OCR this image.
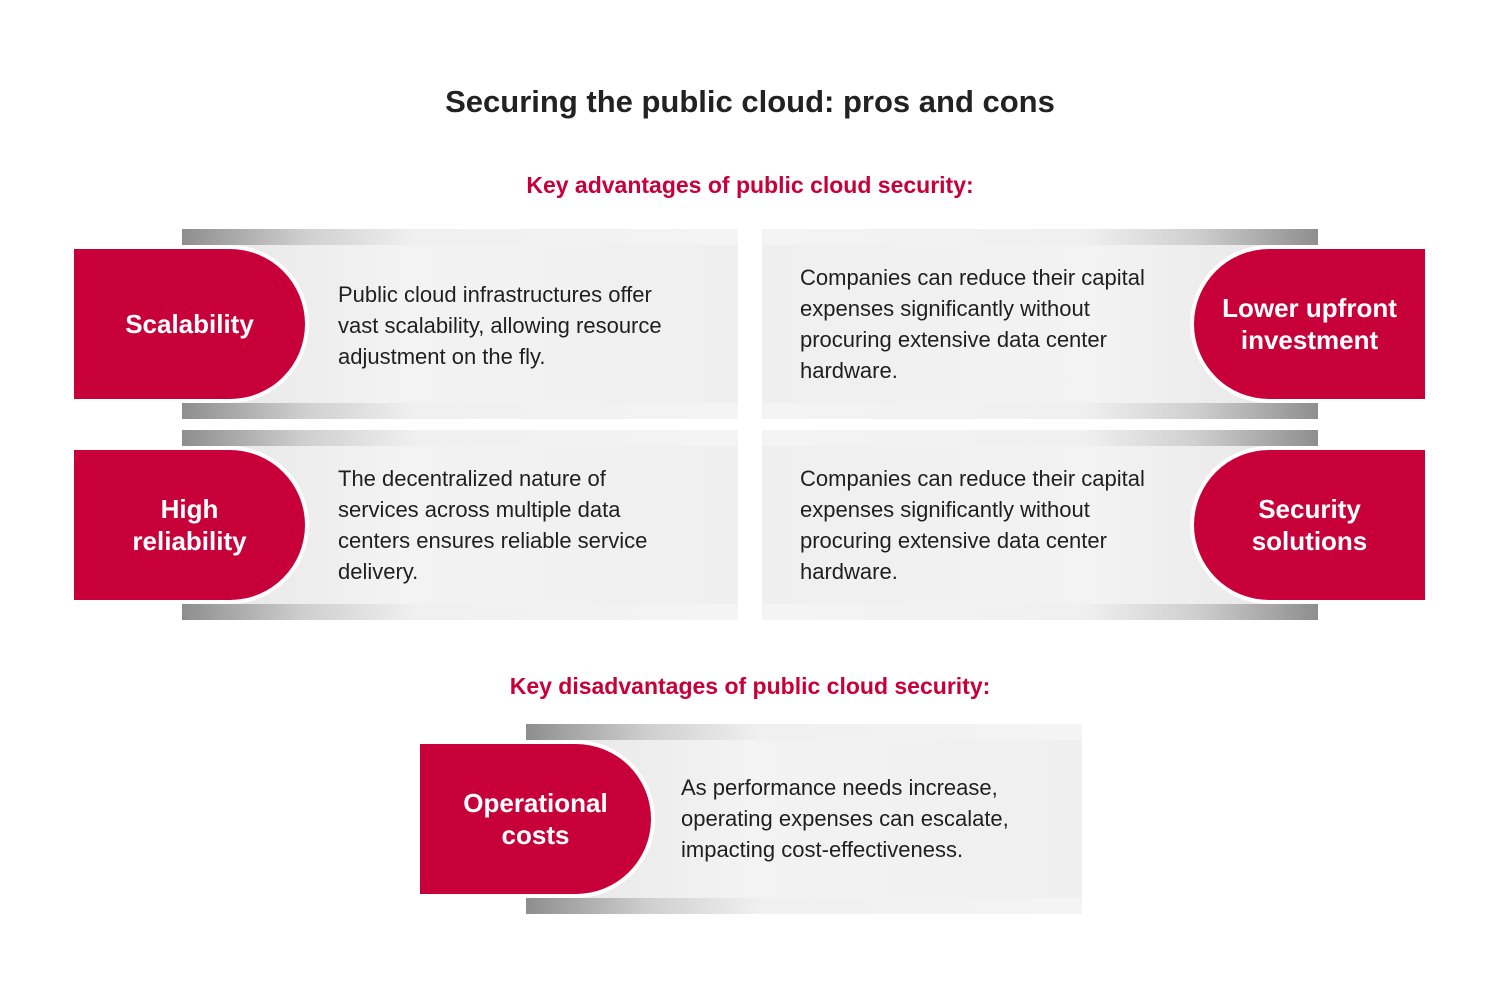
Securing the public cloud: pros and cons
Key advantages of public cloud security:
Scalability
Public cloud infrastructures offer vast scalability, allowing resource adjustment on the fly.
Lower upfront investment
Companies can reduce their capital expenses significantly without procuring extensive data center hardware.
High reliability
The decentralized nature of services across multiple data centers ensures reliable service delivery.
Security solutions
Companies can reduce their capital expenses significantly without procuring extensive data center hardware.
Key disadvantages of public cloud security:
Operational costs
As performance needs increase, operating expenses can escalate, impacting cost-effectiveness.
